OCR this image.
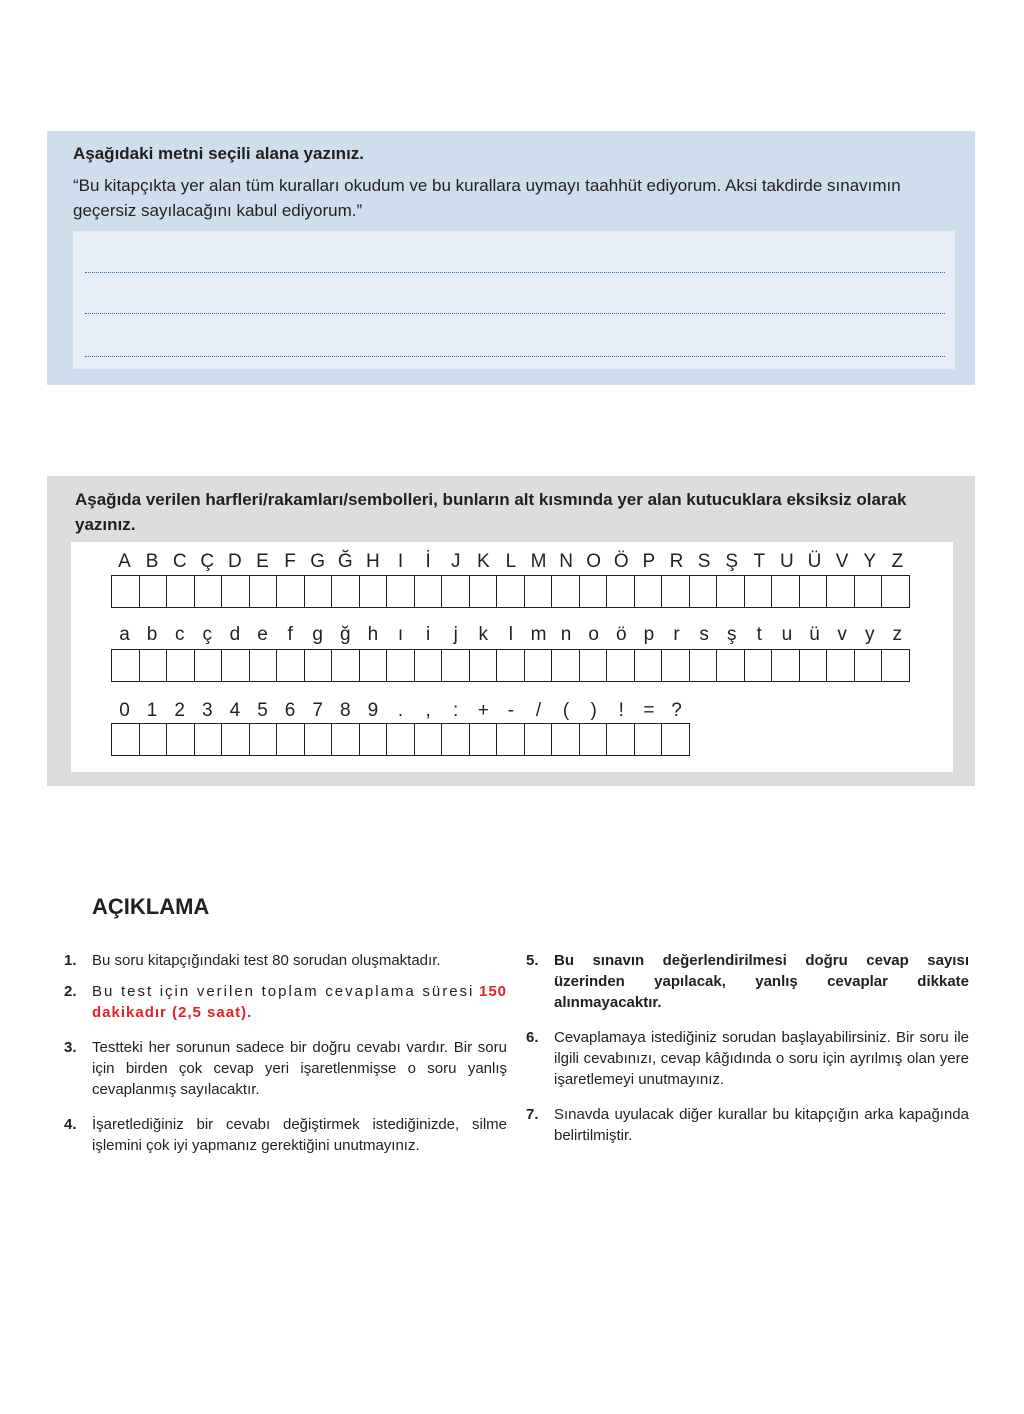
Aşağıdaki metni seçili alana yazınız.
“Bu kitapçıkta yer alan tüm kuralları okudum ve bu kurallara uymayı taahhüt ediyorum. Aksi takdirde sınavımın geçersiz sayılacağını kabul ediyorum.”
Aşağıda verilen harfleri/rakamları/sembolleri, bunların alt kısmında yer alan kutucuklara eksiksiz olarak yazınız.
A B C Ç D E F G Ğ H I	İ	J K L M N O Ö P R S Ş T U Ü V Y Z
a b c ç d e	f	g ğ h	ı	i	j	k	l m n o ö p	r	s ş	t	u ü v y z
0 1 2 3 4 5 6 7 8 9	.	,	:	+ -	/	(	)	!	= ?
AÇIKLAMA
1. Bu soru kitapçığındaki test 80 sorudan oluşmaktadır.
2. Bu test için verilen toplam cevaplama süresi 150 dakikadır (2,5 saat).
3. Testteki her sorunun sadece bir doğru cevabı vardır. Bir soru için birden çok cevap yeri işaretlenmişse o soru yanlış cevaplanmış sayılacaktır.
4. İşaretlediğiniz bir cevabı değiştirmek istediğinizde, silme işlemini çok iyi yapmanız gerektiğini unutmayınız.
5. Bu sınavın değerlendirilmesi doğru cevap sayısı üzerinden yapılacak, yanlış cevaplar dikkate alınmayacaktır.
6. Cevaplamaya istediğiniz sorudan başlayabilirsiniz. Bir soru ile ilgili cevabınızı, cevap kâğıdında o soru için ayrılmış olan yere işaretlemeyi unutmayınız.
7. Sınavda uyulacak diğer kurallar bu kitapçığın arka kapağında belirtilmiştir.
